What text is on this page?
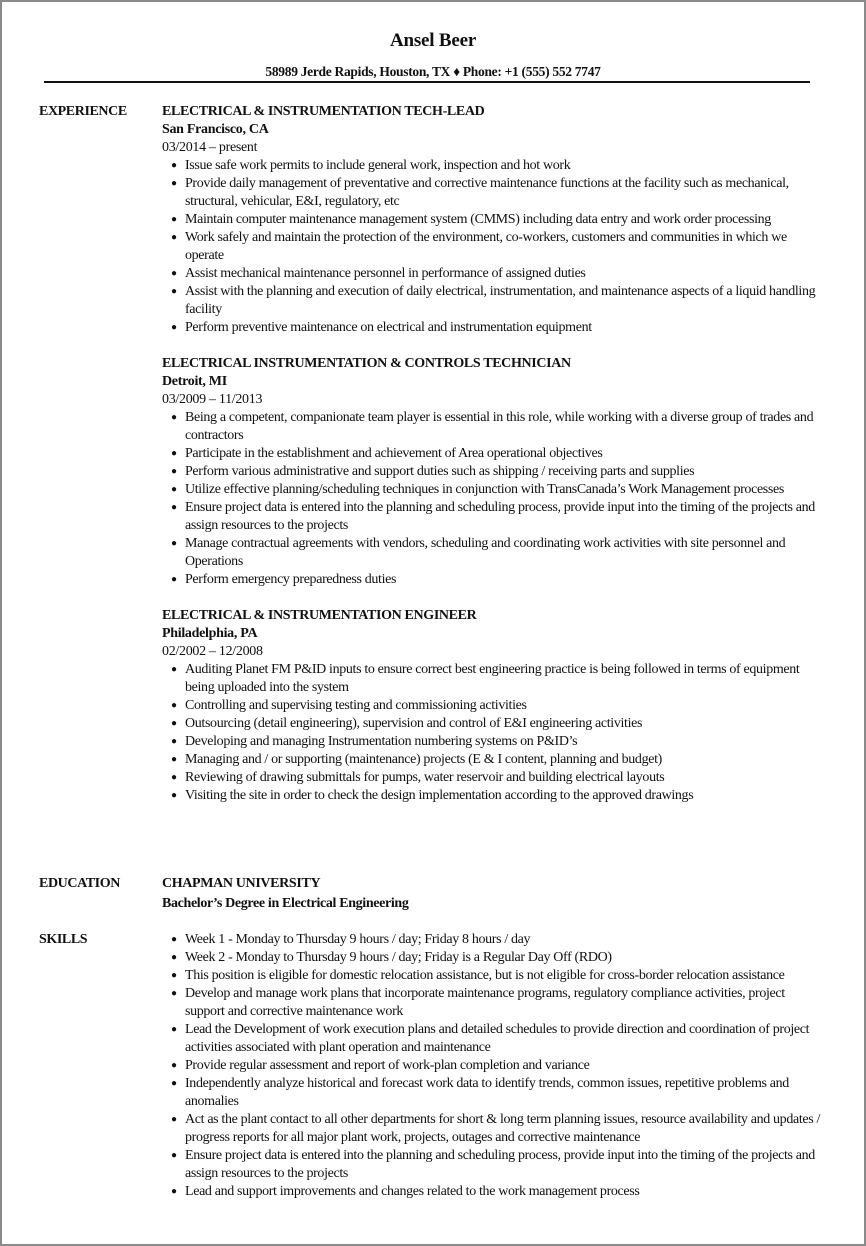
Ansel Beer
58989 Jerde Rapids, Houston, TX ♦ Phone: +1 (555) 552 7747
EXPERIENCE	ELECTRICAL & INSTRUMENTATION TECH-LEAD
San Francisco, CA
03/2014 – present
● Issue safe work permits to include general work, inspection and hot work
● Provide daily management of preventative and corrective maintenance functions at the facility such as mechanical, structural, vehicular, E&I, regulatory, etc
● Maintain computer maintenance management system (CMMS) including data entry and work order processing
● Work safely and maintain the protection of the environment, co-workers, customers and communities in which we operate
● Assist mechanical maintenance personnel in performance of assigned duties
● Assist with the planning and execution of daily electrical, instrumentation, and maintenance aspects of a liquid handling facility
● Perform preventive maintenance on electrical and instrumentation equipment
ELECTRICAL INSTRUMENTATION & CONTROLS TECHNICIAN
Detroit, MI
03/2009 – 11/2013
● Being a competent, companionate team player is essential in this role, while working with a diverse group of trades and contractors
● Participate in the establishment and achievement of Area operational objectives
● Perform various administrative and support duties such as shipping / receiving parts and supplies
● Utilize effective planning/scheduling techniques in conjunction with TransCanada’s Work Management processes
● Ensure project data is entered into the planning and scheduling process, provide input into the timing of the projects and assign resources to the projects
● Manage contractual agreements with vendors, scheduling and coordinating work activities with site personnel and Operations
● Perform emergency preparedness duties
ELECTRICAL & INSTRUMENTATION ENGINEER
Philadelphia, PA
02/2002 – 12/2008
● Auditing Planet FM P&ID inputs to ensure correct best engineering practice is being followed in terms of equipment being uploaded into the system
● Controlling and supervising testing and commissioning activities
● Outsourcing (detail engineering), supervision and control of E&I engineering activities
● Developing and managing Instrumentation numbering systems on P&ID’s
● Managing and / or supporting (maintenance) projects (E & I content, planning and budget)
● Reviewing of drawing submittals for pumps, water reservoir and building electrical layouts
● Visiting the site in order to check the design implementation according to the approved drawings
EDUCATION	CHAPMAN UNIVERSITY
Bachelor’s Degree in Electrical Engineering
SKILLS	● Week 1 - Monday to Thursday 9 hours / day; Friday 8 hours / day
● Week 2 - Monday to Thursday 9 hours / day; Friday is a Regular Day Off (RDO)
● This position is eligible for domestic relocation assistance, but is not eligible for cross-border relocation assistance
● Develop and manage work plans that incorporate maintenance programs, regulatory compliance activities, project support and corrective maintenance work
● Lead the Development of work execution plans and detailed schedules to provide direction and coordination of project activities associated with plant operation and maintenance
● Provide regular assessment and report of work-plan completion and variance
● Independently analyze historical and forecast work data to identify trends, common issues, repetitive problems and anomalies
● Act as the plant contact to all other departments for short & long term planning issues, resource availability and updates / progress reports for all major plant work, projects, outages and corrective maintenance
● Ensure project data is entered into the planning and scheduling process, provide input into the timing of the projects and assign resources to the projects
● Lead and support improvements and changes related to the work management process
